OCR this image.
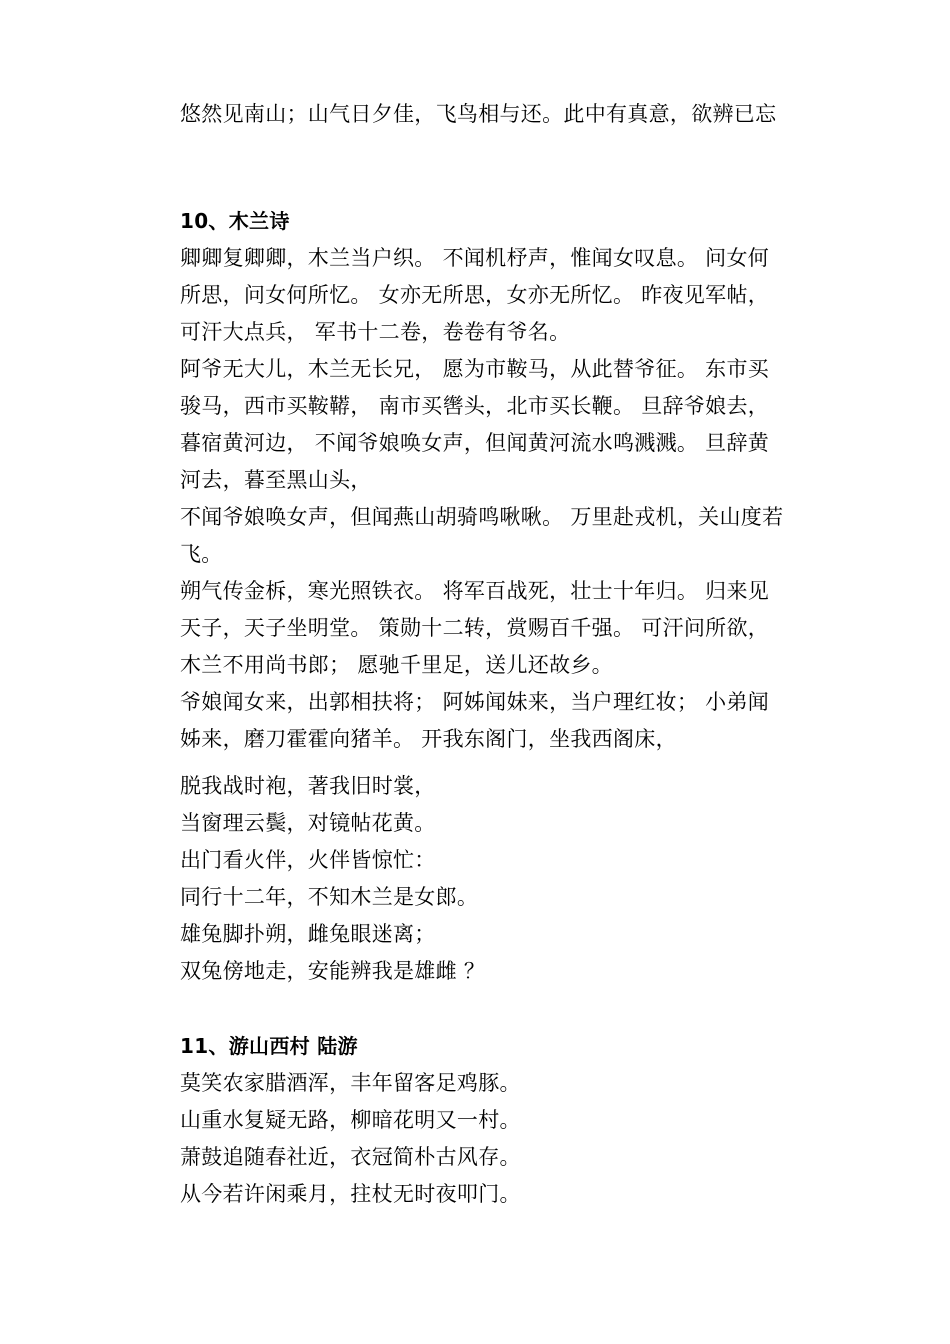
悠然见南山；山气日夕佳，飞鸟相与还。此中有真意，欲辨已忘
10、木兰诗
卿卿复卿卿，木兰当户织。 不闻机杼声，惟闻女叹息。 问女何
所思，问女何所忆。 女亦无所思，女亦无所忆。 昨夜见军帖，
可汗大点兵， 军书十二卷，卷卷有爷名。
阿爷无大儿，木兰无长兄， 愿为市鞍马，从此替爷征。 东市买
骏马，西市买鞍鞯， 南市买辔头，北市买长鞭。 旦辞爷娘去，
暮宿黄河边， 不闻爷娘唤女声，但闻黄河流水鸣溅溅。 旦辞黄
河去，暮至黑山头，
不闻爷娘唤女声，但闻燕山胡骑鸣啾啾。 万里赴戎机，关山度若
飞。
朔气传金柝，寒光照铁衣。 将军百战死，壮士十年归。 归来见
天子，天子坐明堂。 策勋十二转，赏赐百千强。 可汗问所欲，
木兰不用尚书郎； 愿驰千里足，送儿还故乡。
爷娘闻女来，出郭相扶将； 阿姊闻妹来，当户理红妆； 小弟闻
姊来，磨刀霍霍向猪羊。 开我东阁门，坐我西阁床，
脱我战时袍，著我旧时裳，
当窗理云鬓，对镜帖花黄。
出门看火伴，火伴皆惊忙：
同行十二年，不知木兰是女郎。
雄兔脚扑朔，雌兔眼迷离；
双兔傍地走，安能辨我是雄雌 ？
11、游山西村 陆游
莫笑农家腊酒浑，丰年留客足鸡豚。
山重水复疑无路，柳暗花明又一村。
萧鼓追随春社近，衣冠简朴古风存。
从今若许闲乘月，拄杖无时夜叩门。
